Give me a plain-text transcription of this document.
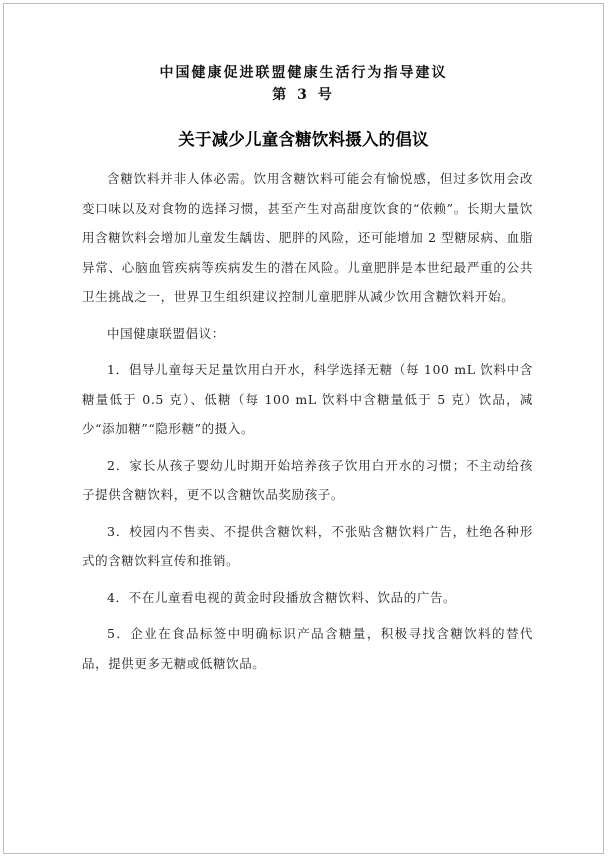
中国健康促进联盟健康生活行为指导建议
第 3 号
关于减少儿童含糖饮料摄入的倡议

含糖饮料并非人体必需。饮用含糖饮料可能会有愉悦感，但过多饮用会改变口味以及对食物的选择习惯，甚至产生对高甜度饮食的“依赖”。长期大量饮用含糖饮料会增加儿童发生龋齿、肥胖的风险，还可能增加 2 型糖尿病、血脂异常、心脑血管疾病等疾病发生的潜在风险。儿童肥胖是本世纪最严重的公共卫生挑战之一，世界卫生组织建议控制儿童肥胖从减少饮用含糖饮料开始。

中国健康联盟倡议：

1．倡导儿童每天足量饮用白开水，科学选择无糖（每 100 mL 饮料中含糖量低于 0.5 克）、低糖（每 100 mL 饮料中含糖量低于 5 克）饮品，减少“添加糖”“隐形糖”的摄入。

2．家长从孩子婴幼儿时期开始培养孩子饮用白开水的习惯；不主动给孩子提供含糖饮料，更不以含糖饮品奖励孩子。

3．校园内不售卖、不提供含糖饮料，不张贴含糖饮料广告，杜绝各种形式的含糖饮料宣传和推销。

4．不在儿童看电视的黄金时段播放含糖饮料、饮品的广告。

5．企业在食品标签中明确标识产品含糖量，积极寻找含糖饮料的替代品，提供更多无糖或低糖饮品。
